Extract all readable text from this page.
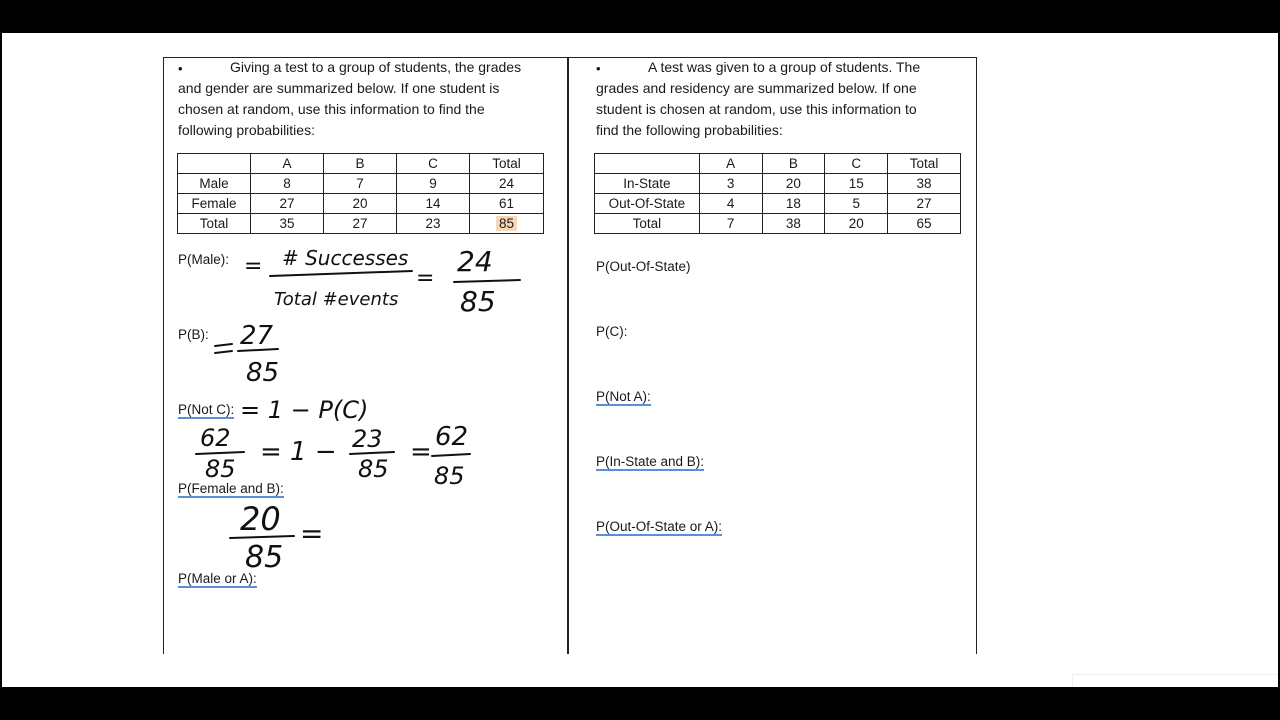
•	Giving a test to a group of students, the grades
and gender are summarized below. If one student is
chosen at random, use this information to find the
following probabilities:
	A	B	C	Total
Male	8	7	9	24
Female	27	20	14	61
Total	35	27	23	85
P(Male):
P(B):
P(Not C):
P(Female and B):
P(Male or A):
= # Successes
Total #events
=
24
85
27
85
= 1 − P(C)
62
85
= 1 − 23
85
= 62
85
20
85
=
•	A test was given to a group of students. The
grades and residency are summarized below. If one
student is chosen at random, use this information to
find the following probabilities:
	A	B	C	Total
In-State	3	20	15	38
Out-Of-State	4	18	5	27
Total	7	38	20	65
P(Out-Of-State)
P(C):
P(Not A):
P(In-State and B):
P(Out-Of-State or A):
